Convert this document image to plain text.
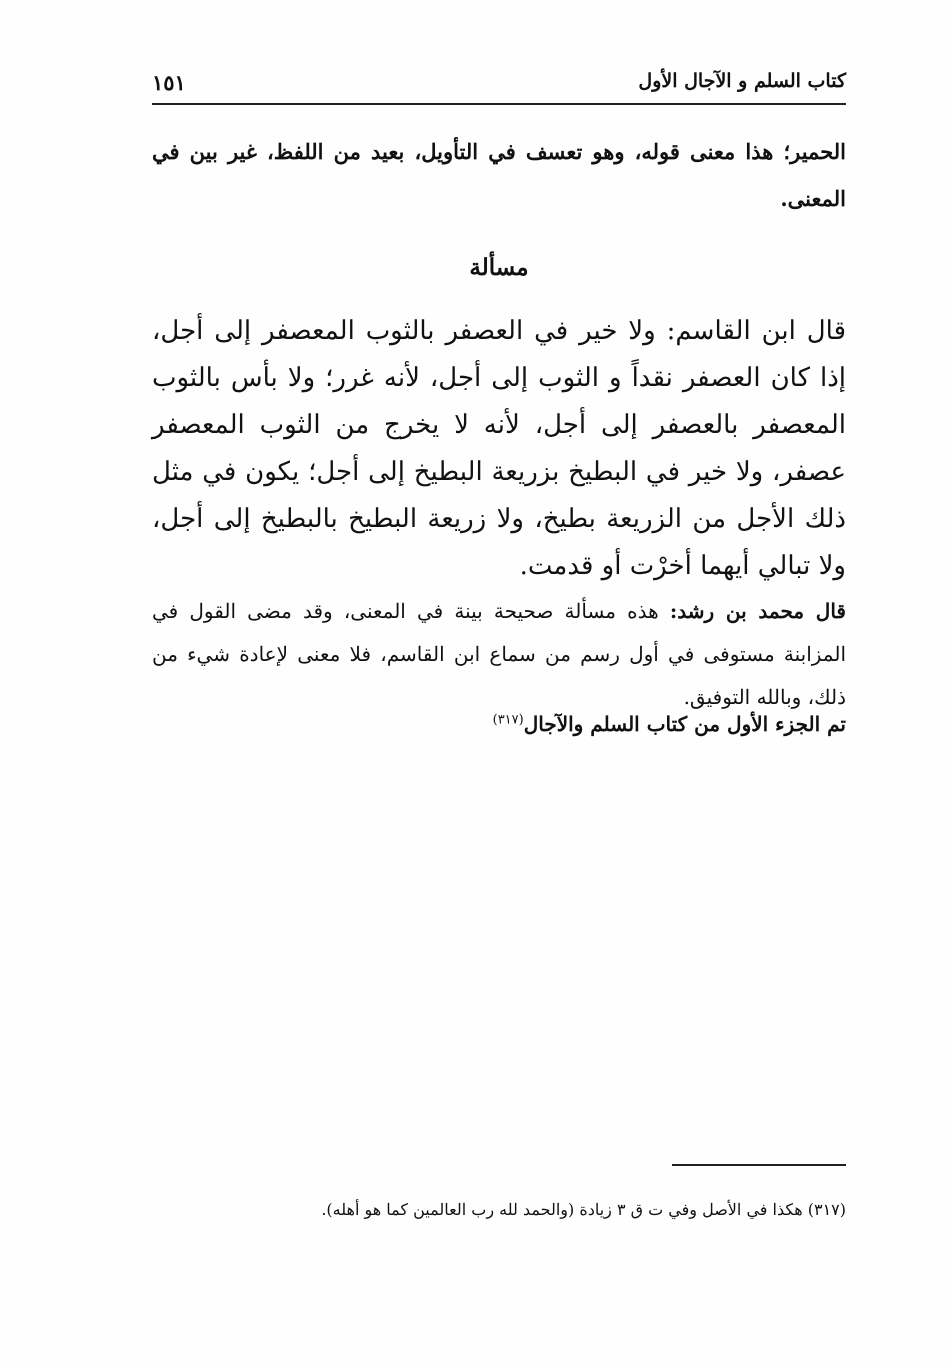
كتاب السلم و الآجال الأول
١٥١
الحمير؛ هذا معنى قوله، وهو تعسف في التأويل، بعيد من اللفظ، غير بين في المعنى.
مسألة
قال ابن القاسم: ولا خير في العصفر بالثوب المعصفر إلى أجل، إذا كان العصفر نقداً و الثوب إلى أجل، لأنه غرر؛ ولا بأس بالثوب المعصفر بالعصفر إلى أجل، لأنه لا يخرج من الثوب المعصفر عصفر، ولا خير في البطيخ بزريعة البطيخ إلى أجل؛ يكون في مثل ذلك الأجل من الزريعة بطيخ، ولا زريعة البطيخ بالبطيخ إلى أجل، ولا تبالي أيهما أخرْت أو قدمت.
قال محمد بن رشد: هذه مسألة صحيحة بينة في المعنى، وقد مضى القول في المزابنة مستوفى في أول رسم من سماع ابن القاسم، فلا معنى لإعادة شيء من ذلك، وبالله التوفيق.
تم الجزء الأول من كتاب السلم والآجال$^{(٣١٧)}$
(٣١٧) هكذا في الأصل وفي ت ق ٣ زيادة (والحمد لله رب العالمين كما هو أهله).
